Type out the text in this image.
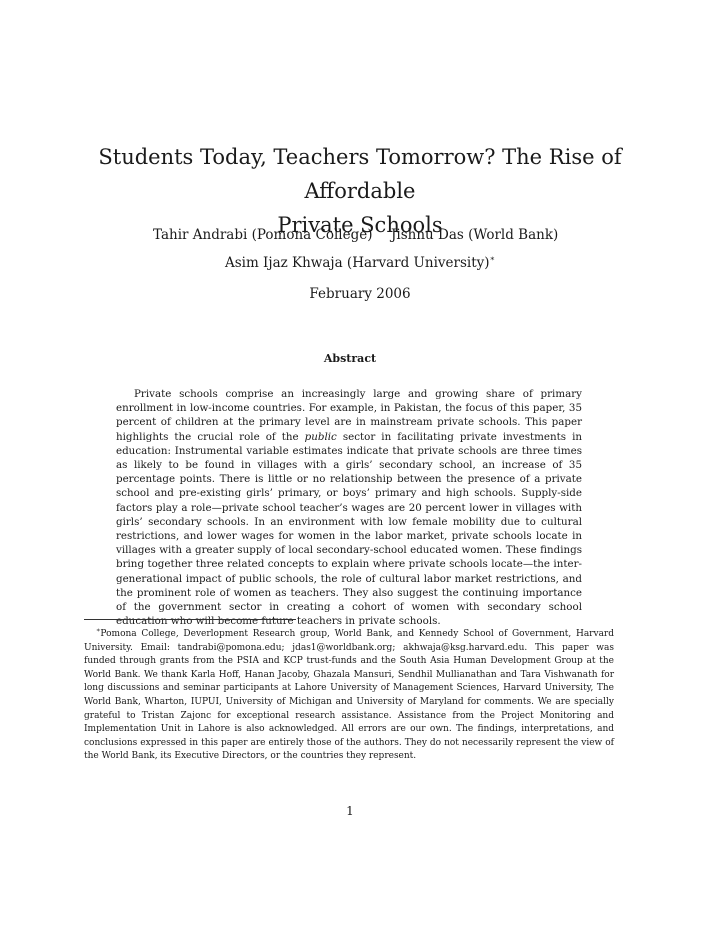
Students Today, Teachers Tomorrow? The Rise of Affordable
Private Schools
Tahir Andrabi (Pomona College) Jishnu Das (World Bank)
Asim Ijaz Khwaja (Harvard University)∗
February 2006
Abstract

Private schools comprise an increasingly large and growing share of primary enrollment in low-income countries. For example, in Pakistan, the focus of this paper, 35 percent of children at the primary level are in mainstream private schools. This paper highlights the crucial role of the public sector in facilitating private investments in education: Instrumental variable estimates indicate that private schools are three times as likely to be found in villages with a girls’ secondary school, an increase of 35 percentage points. There is little or no relationship between the presence of a private school and pre-existing girls’ primary, or boys’ primary and high schools. Supply-side factors play a role—private school teacher’s wages are 20 percent lower in villages with girls’ secondary schools. In an environment with low female mobility due to cultural restrictions, and lower wages for women in the labor market, private schools locate in villages with a greater supply of local secondary-school educated women. These findings bring together three related concepts to explain where private schools locate—the inter-generational impact of public schools, the role of cultural labor market restrictions, and the prominent role of women as teachers. They also suggest the continuing importance of the government sector in creating a cohort of women with secondary school education who will become future teachers in private schools.

∗Pomona College, Deverlopment Research group, World Bank, and Kennedy School of Government, Harvard University. Email: tandrabi@pomona.edu; jdas1@worldbank.org; akhwaja@ksg.harvard.edu. This paper was funded through grants from the PSIA and KCP trust-funds and the South Asia Human Development Group at the World Bank. We thank Karla Hoff, Hanan Jacoby, Ghazala Mansuri, Sendhil Mullianathan and Tara Vishwanath for long discussions and seminar participants at Lahore University of Management Sciences, Harvard University, The World Bank, Wharton, IUPUI, University of Michigan and University of Maryland for comments. We are specially grateful to Tristan Zajonc for exceptional research assistance. Assistance from the Project Monitoring and Implementation Unit in Lahore is also acknowledged. All errors are our own. The findings, interpretations, and conclusions expressed in this paper are entirely those of the authors. They do not necessarily represent the view of the World Bank, its Executive Directors, or the countries they represent.

1
